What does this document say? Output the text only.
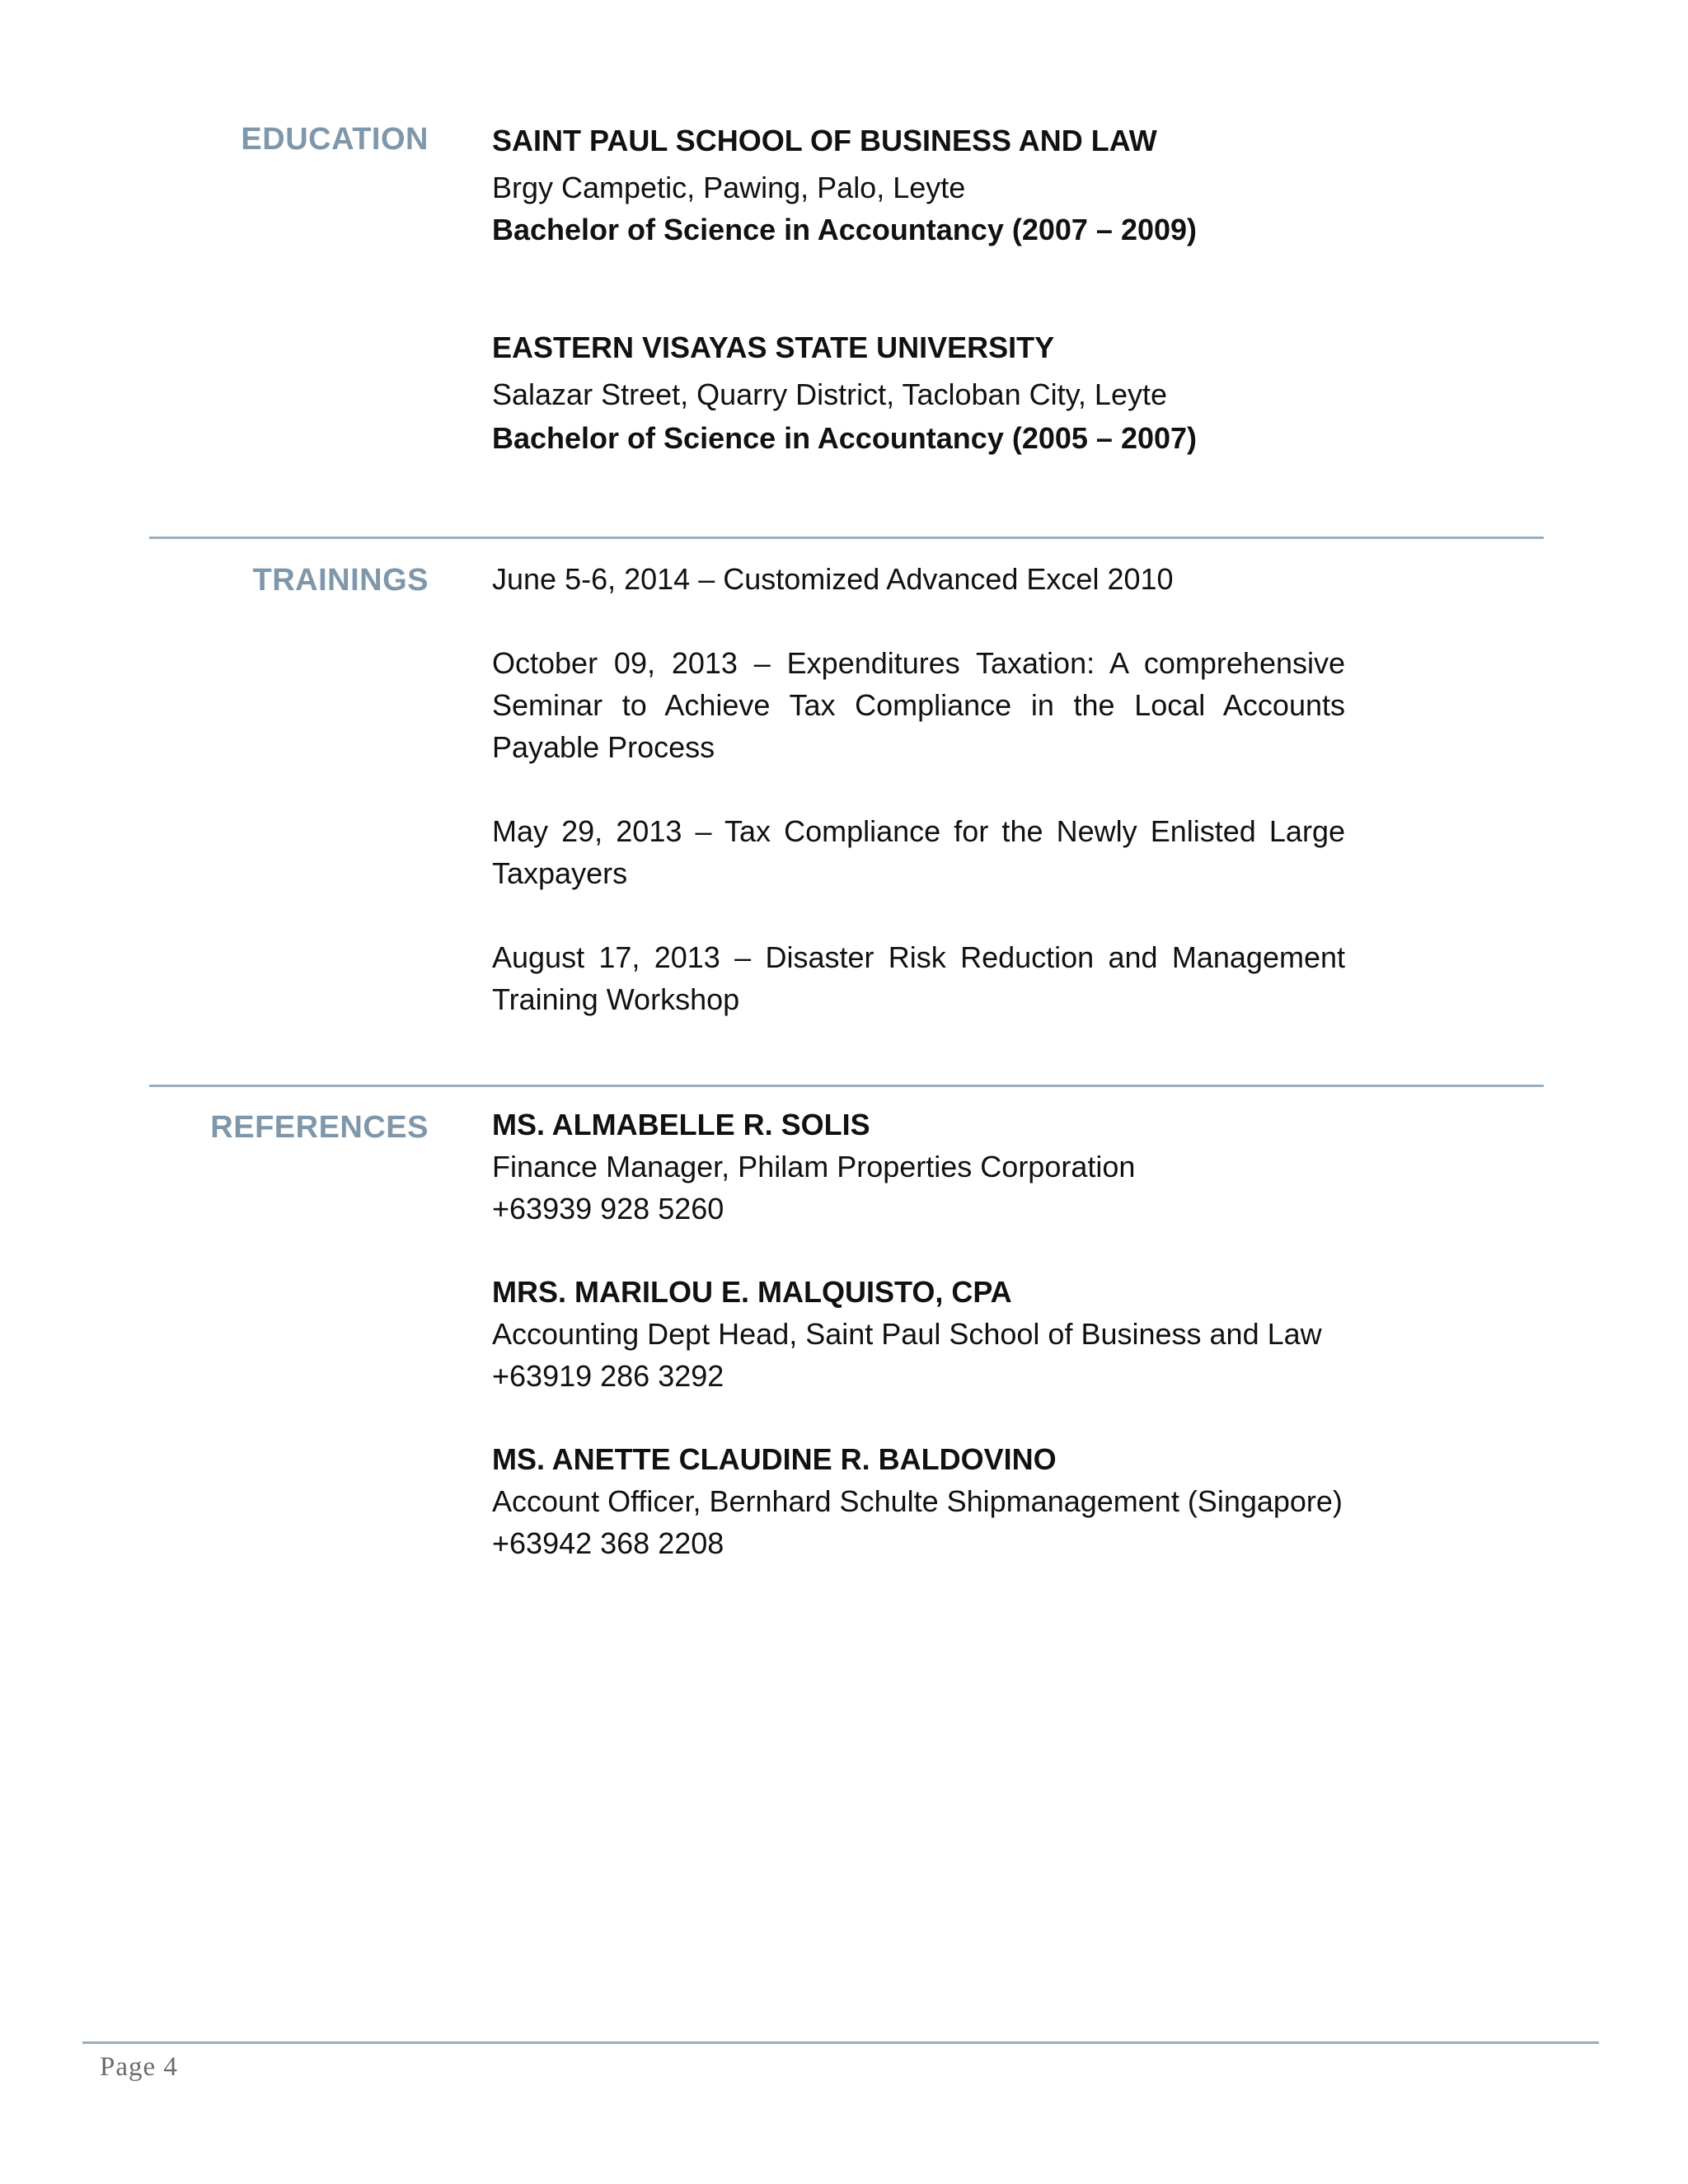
EDUCATION SAINT PAUL SCHOOL OF BUSINESS AND LAW

Brgy Campetic, Pawing, Palo, Leyte

Bachelor of Science in Accountancy (2007 – 2009)

EASTERN VISAYAS STATE UNIVERSITY

Salazar Street, Quarry District, Tacloban City, Leyte

Bachelor of Science in Accountancy (2005 – 2007)

TRAININGS June 5-6, 2014 – Customized Advanced Excel 2010

October 09, 2013 – Expenditures Taxation: A comprehensive Seminar to Achieve Tax Compliance in the Local Accounts Payable Process

May 29, 2013 – Tax Compliance for the Newly Enlisted Large Taxpayers

August 17, 2013 – Disaster Risk Reduction and Management Training Workshop

REFERENCES MS. ALMABELLE R. SOLIS

Finance Manager, Philam Properties Corporation

+63939 928 5260

MRS. MARILOU E. MALQUISTO, CPA

Accounting Dept Head, Saint Paul School of Business and Law

+63919 286 3292

MS. ANETTE CLAUDINE R. BALDOVINO

Account Officer, Bernhard Schulte Shipmanagement (Singapore)

+63942 368 2208

Page 4
